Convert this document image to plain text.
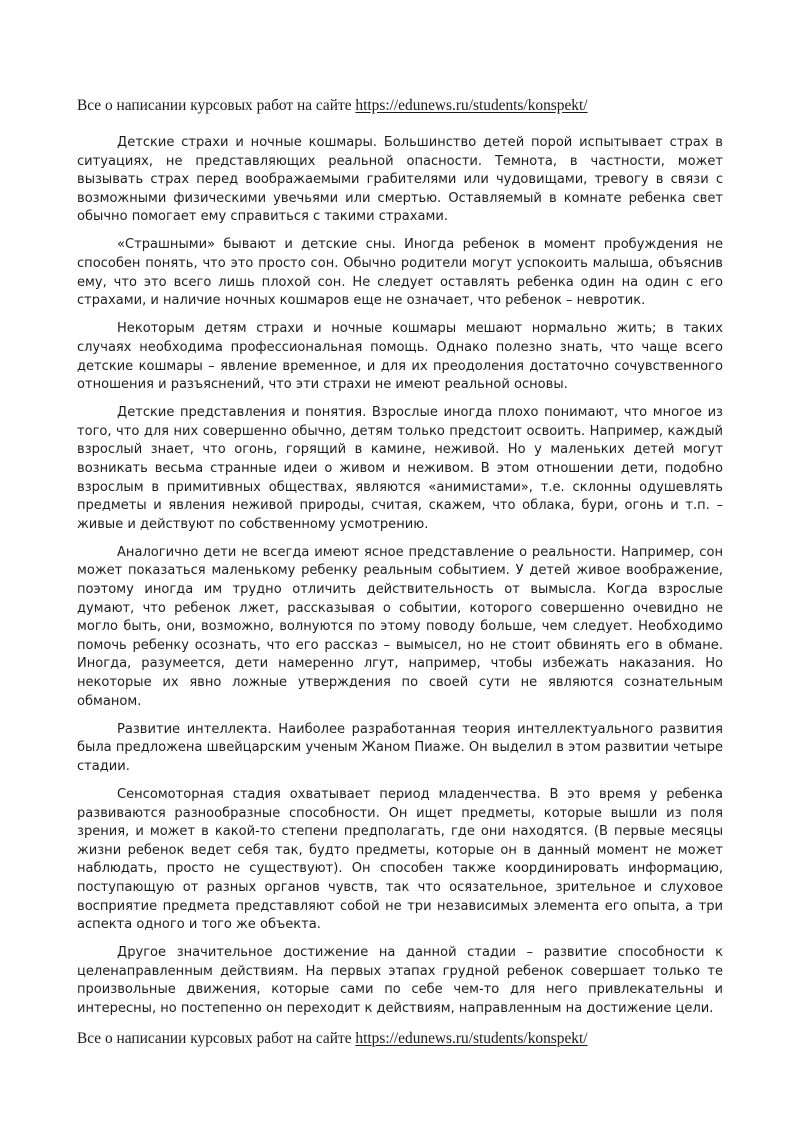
Все о написании курсовых работ на сайте https://edunews.ru/students/konspekt/

Детские страхи и ночные кошмары. Большинство детей порой испытывает страх в ситуациях, не представляющих реальной опасности. Темнота, в частности, может вызывать страх перед воображаемыми грабителями или чудовищами, тревогу в связи с возможными физическими увечьями или смертью. Оставляемый в комнате ребенка свет обычно помогает ему справиться с такими страхами.

«Страшными» бывают и детские сны. Иногда ребенок в момент пробуждения не способен понять, что это просто сон. Обычно родители могут успокоить малыша, объяснив ему, что это всего лишь плохой сон. Не следует оставлять ребенка один на один с его страхами, и наличие ночных кошмаров еще не означает, что ребенок – невротик.

Некоторым детям страхи и ночные кошмары мешают нормально жить; в таких случаях необходима профессиональная помощь. Однако полезно знать, что чаще всего детские кошмары – явление временное, и для их преодоления достаточно сочувственного отношения и разъяснений, что эти страхи не имеют реальной основы.

Детские представления и понятия. Взрослые иногда плохо понимают, что многое из того, что для них совершенно обычно, детям только предстоит освоить. Например, каждый взрослый знает, что огонь, горящий в камине, неживой. Но у маленьких детей могут возникать весьма странные идеи о живом и неживом. В этом отношении дети, подобно взрослым в примитивных обществах, являются «анимистами», т.е. склонны одушевлять предметы и явления неживой природы, считая, скажем, что облака, бури, огонь и т.п. – живые и действуют по собственному усмотрению.

Аналогично дети не всегда имеют ясное представление о реальности. Например, сон может показаться маленькому ребенку реальным событием. У детей живое воображение, поэтому иногда им трудно отличить действительность от вымысла. Когда взрослые думают, что ребенок лжет, рассказывая о событии, которого совершенно очевидно не могло быть, они, возможно, волнуются по этому поводу больше, чем следует. Необходимо помочь ребенку осознать, что его рассказ – вымысел, но не стоит обвинять его в обмане. Иногда, разумеется, дети намеренно лгут, например, чтобы избежать наказания. Но некоторые их явно ложные утверждения по своей сути не являются сознательным обманом.

Развитие интеллекта. Наиболее разработанная теория интеллектуального развития была предложена швейцарским ученым Жаном Пиаже. Он выделил в этом развитии четыре стадии.

Сенсомоторная стадия охватывает период младенчества. В это время у ребенка развиваются разнообразные способности. Он ищет предметы, которые вышли из поля зрения, и может в какой-то степени предполагать, где они находятся. (В первые месяцы жизни ребенок ведет себя так, будто предметы, которые он в данный момент не может наблюдать, просто не существуют). Он способен также координировать информацию, поступающую от разных органов чувств, так что осязательное, зрительное и слуховое восприятие предмета представляют собой не три независимых элемента его опыта, а три аспекта одного и того же объекта.

Другое значительное достижение на данной стадии – развитие способности к целенаправленным действиям. На первых этапах грудной ребенок совершает только те произвольные движения, которые сами по себе чем-то для него привлекательны и интересны, но постепенно он переходит к действиям, направленным на достижение цели.

Все о написании курсовых работ на сайте https://edunews.ru/students/konspekt/
